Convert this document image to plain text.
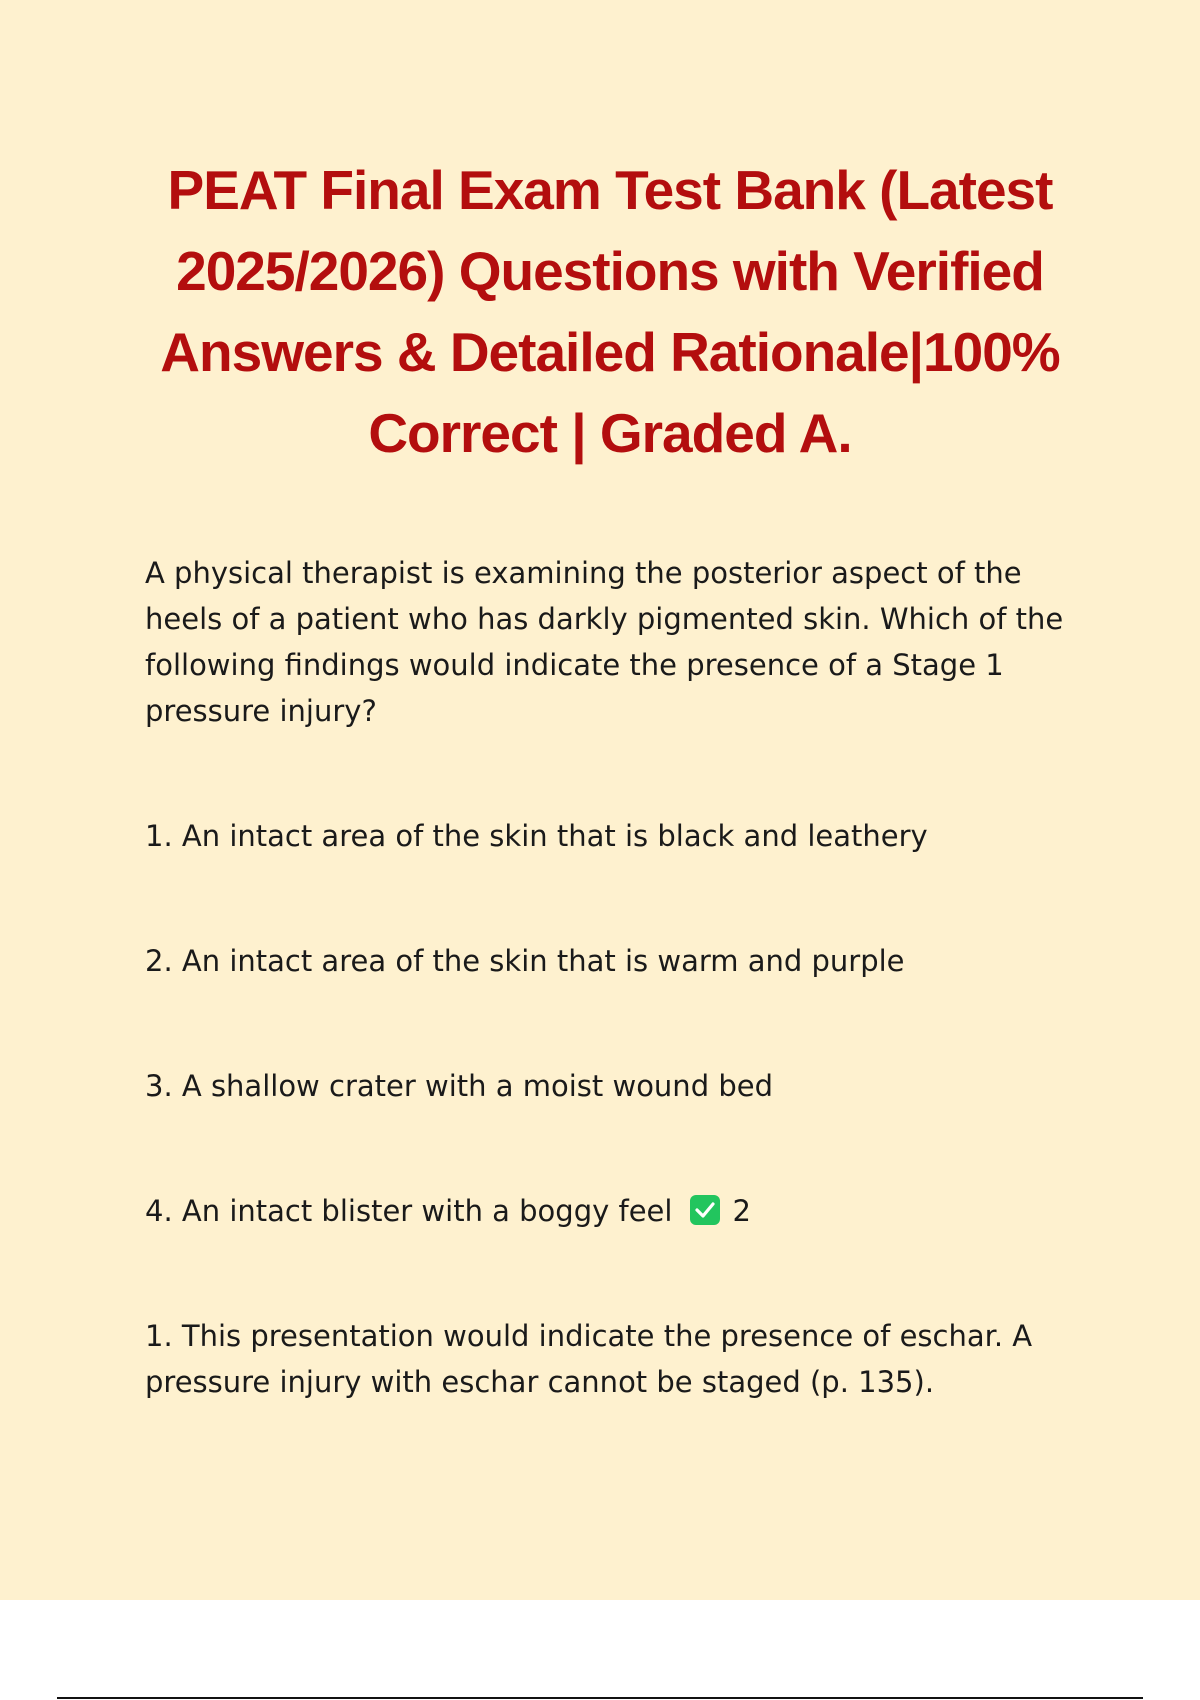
PEAT Final Exam Test Bank (Latest 2025/2026) Questions with Verified Answers & Detailed Rationale|100% Correct | Graded A.

A physical therapist is examining the posterior aspect of the heels of a patient who has darkly pigmented skin. Which of the following findings would indicate the presence of a Stage 1 pressure injury?

1. An intact area of the skin that is black and leathery

2. An intact area of the skin that is warm and purple

3. A shallow crater with a moist wound bed

4. An intact blister with a boggy feel 2

1. This presentation would indicate the presence of eschar. A pressure injury with eschar cannot be staged (p. 135).
